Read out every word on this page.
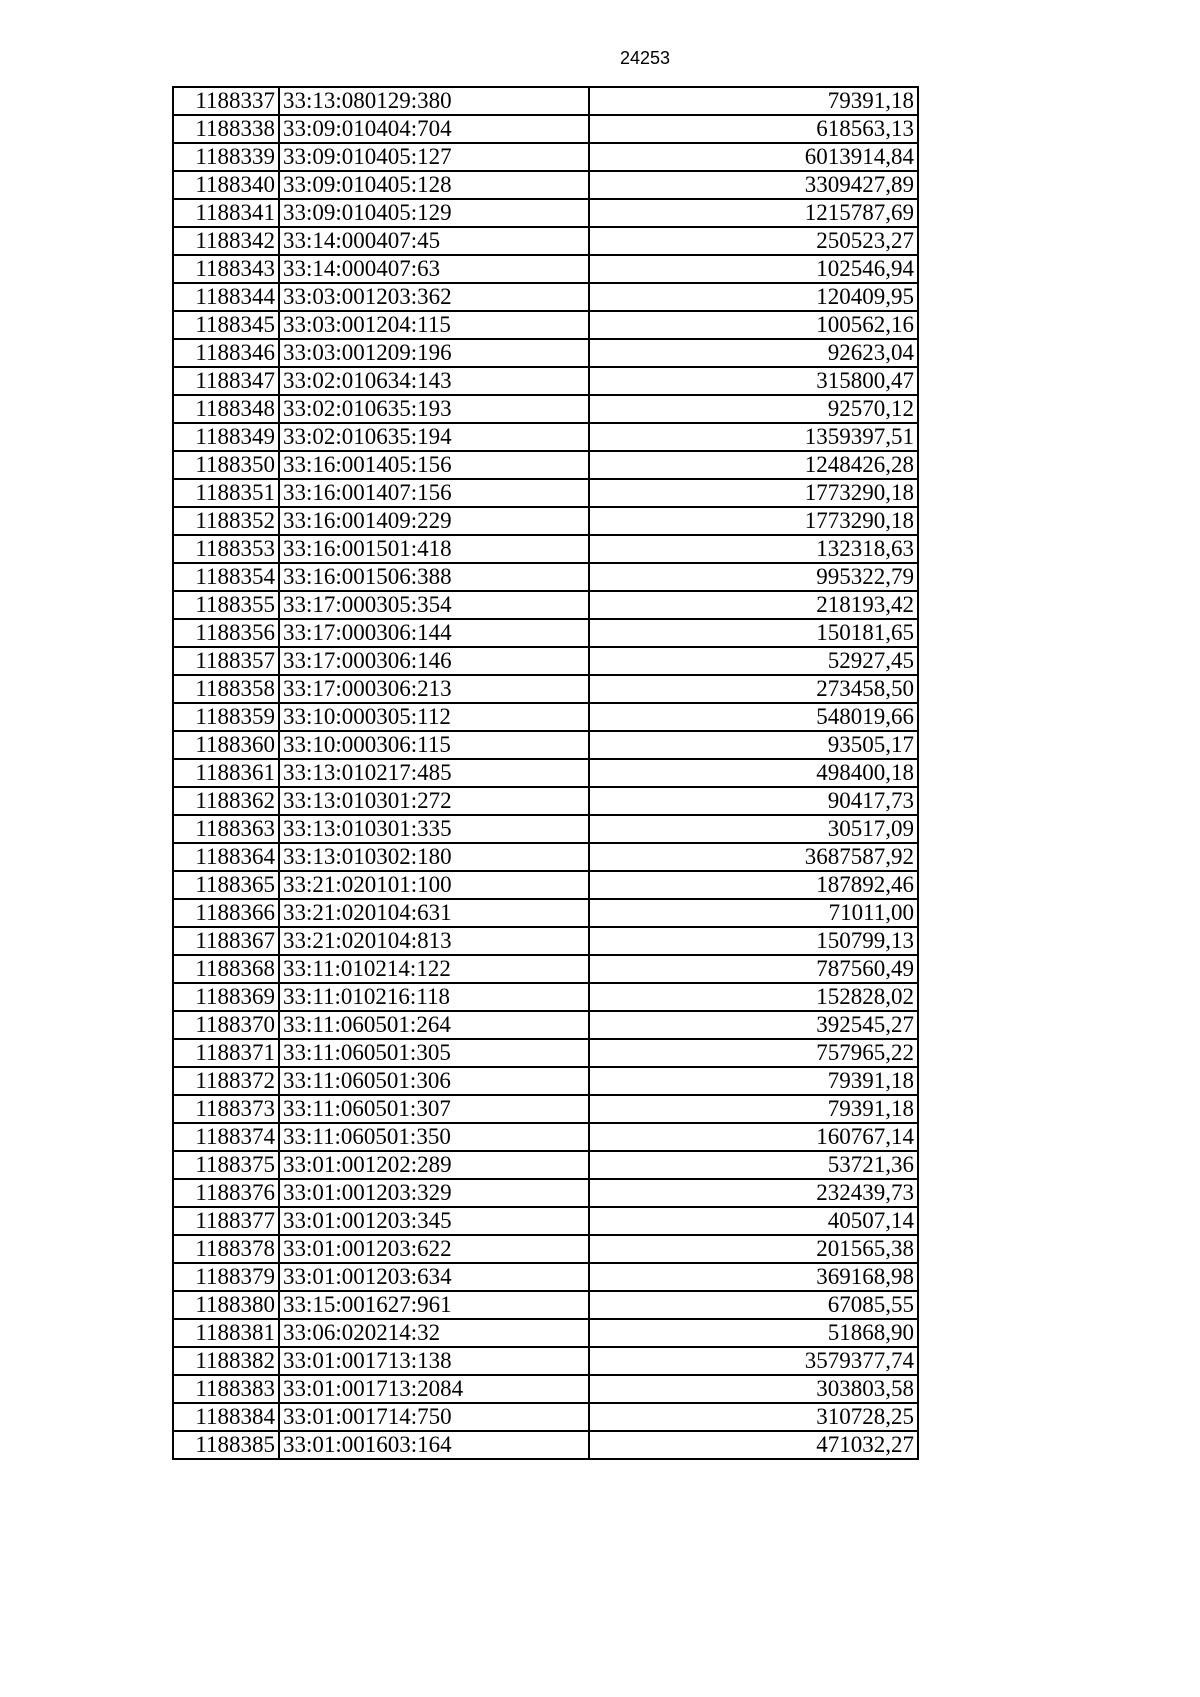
24253
1188337	33:13:080129:380	79391,18
1188338	33:09:010404:704	618563,13
1188339	33:09:010405:127	6013914,84
1188340	33:09:010405:128	3309427,89
1188341	33:09:010405:129	1215787,69
1188342	33:14:000407:45	250523,27
1188343	33:14:000407:63	102546,94
1188344	33:03:001203:362	120409,95
1188345	33:03:001204:115	100562,16
1188346	33:03:001209:196	92623,04
1188347	33:02:010634:143	315800,47
1188348	33:02:010635:193	92570,12
1188349	33:02:010635:194	1359397,51
1188350	33:16:001405:156	1248426,28
1188351	33:16:001407:156	1773290,18
1188352	33:16:001409:229	1773290,18
1188353	33:16:001501:418	132318,63
1188354	33:16:001506:388	995322,79
1188355	33:17:000305:354	218193,42
1188356	33:17:000306:144	150181,65
1188357	33:17:000306:146	52927,45
1188358	33:17:000306:213	273458,50
1188359	33:10:000305:112	548019,66
1188360	33:10:000306:115	93505,17
1188361	33:13:010217:485	498400,18
1188362	33:13:010301:272	90417,73
1188363	33:13:010301:335	30517,09
1188364	33:13:010302:180	3687587,92
1188365	33:21:020101:100	187892,46
1188366	33:21:020104:631	71011,00
1188367	33:21:020104:813	150799,13
1188368	33:11:010214:122	787560,49
1188369	33:11:010216:118	152828,02
1188370	33:11:060501:264	392545,27
1188371	33:11:060501:305	757965,22
1188372	33:11:060501:306	79391,18
1188373	33:11:060501:307	79391,18
1188374	33:11:060501:350	160767,14
1188375	33:01:001202:289	53721,36
1188376	33:01:001203:329	232439,73
1188377	33:01:001203:345	40507,14
1188378	33:01:001203:622	201565,38
1188379	33:01:001203:634	369168,98
1188380	33:15:001627:961	67085,55
1188381	33:06:020214:32	51868,90
1188382	33:01:001713:138	3579377,74
1188383	33:01:001713:2084	303803,58
1188384	33:01:001714:750	310728,25
1188385	33:01:001603:164	471032,27
